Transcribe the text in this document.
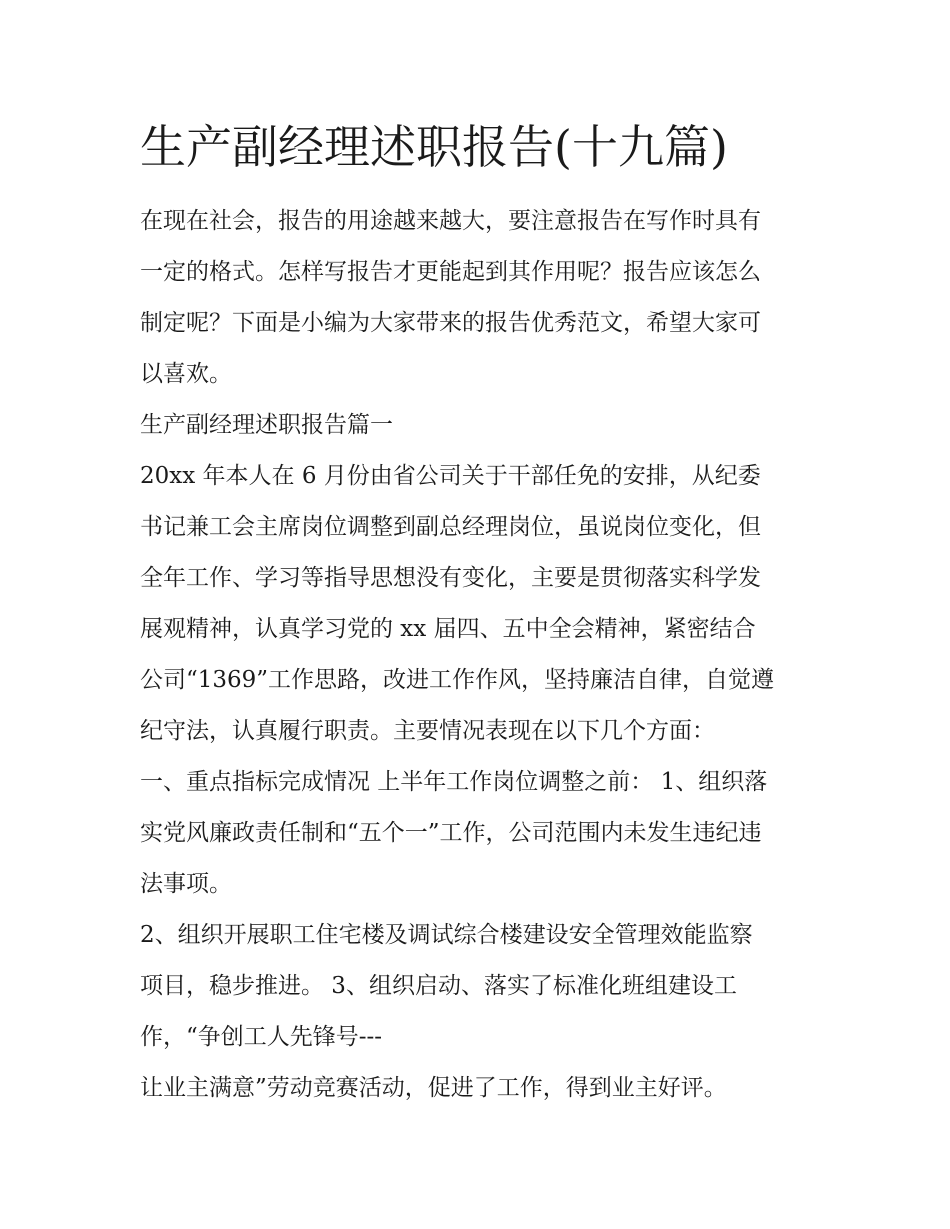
生产副经理述职报告(十九篇)

在现在社会，报告的用途越来越大，要注意报告在写作时具有

一定的格式。怎样写报告才更能起到其作用呢？报告应该怎么

制定呢？下面是小编为大家带来的报告优秀范文，希望大家可

以喜欢。

生产副经理述职报告篇一

20xx 年本人在 6 月份由省公司关于干部任免的安排，从纪委

书记兼工会主席岗位调整到副总经理岗位，虽说岗位变化，但

全年工作、学习等指导思想没有变化，主要是贯彻落实科学发

展观精神，认真学习党的 xx 届四、五中全会精神，紧密结合

公司“1369”工作思路，改进工作作风，坚持廉洁自律，自觉遵

纪守法，认真履行职责。主要情况表现在以下几个方面：

一、重点指标完成情况 上半年工作岗位调整之前： 1、组织落

实党风廉政责任制和“五个一”工作，公司范围内未发生违纪违

法事项。

2、组织开展职工住宅楼及调试综合楼建设安全管理效能监察

项目，稳步推进。 3、组织启动、落实了标准化班组建设工

作，“争创工人先锋号---

让业主满意”劳动竞赛活动，促进了工作，得到业主好评。
